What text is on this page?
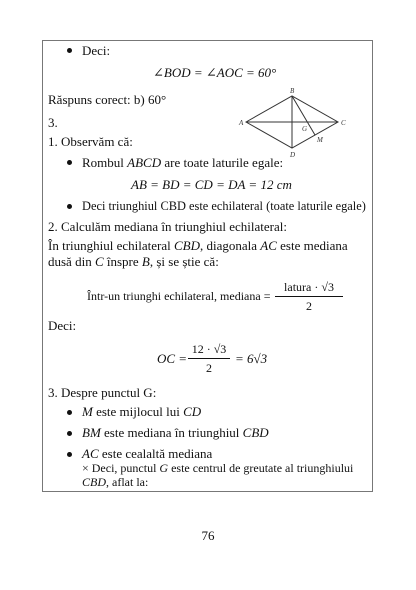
Deci:
∠BOD = ∠AOC = 60°
Răspuns corect: b) 60°
A
B
C
D
G
M
3.
1. Observăm că:
Rombul ABCD are toate laturile egale:
AB = BD = CD = DA = 12 cm
Deci triunghiul CBD este echilateral (toate laturile egale)
2. Calculăm mediana în triunghiul echilateral:
În triunghiul echilateral CBD, diagonala AC este mediana
dusă din C înspre B, și se știe că:
Într-un triunghi echilateral, mediana =
latura · √3
2
Deci:
OC =
12 · √3
2
= 6√3
3. Despre punctul G:
M este mijlocul lui CD
BM este mediana în triunghiul CBD
AC este cealaltă mediana
× Deci, punctul G este centrul de greutate al triunghiului
CBD, aflat la:
76
